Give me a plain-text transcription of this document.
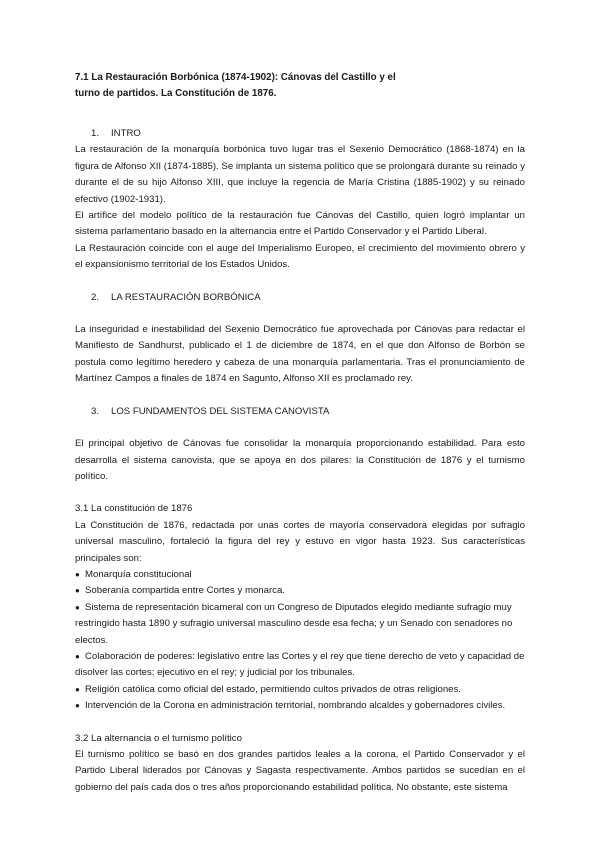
7.1 La Restauración Borbónica (1874-1902): Cánovas del Castillo y el
turno de partidos. La Constitución de 1876.
1. INTRO

La restauración de la monarquía borbónica tuvo lugar tras el Sexenio Democrático (1868-1874) en la figura de Alfonso XII (1874-1885). Se implanta un sistema político que se prolongará durante su reinado y durante el de su hijo Alfonso XIII, que incluye la regencia de María Cristina (1885-1902) y su reinado efectivo (1902-1931).

El artífice del modelo político de la restauración fue Cánovas del Castillo, quien logró implantar un sistema parlamentario basado en la alternancia entre el Partido Conservador y el Partido Liberal.

La Restauración coincide con el auge del Imperialismo Europeo, el crecimiento del movimiento obrero y el expansionismo territorial de los Estados Unidos.

2. LA RESTAURACIÓN BORBÓNICA

La inseguridad e inestabilidad del Sexenio Democrático fue aprovechada por Cánovas para redactar el Manifiesto de Sandhurst, publicado el 1 de diciembre de 1874, en el que don Alfonso de Borbón se postula como legítimo heredero y cabeza de una monarquía parlamentaria. Tras el pronunciamiento de Martínez Campos a finales de 1874 en Sagunto, Alfonso XII es proclamado rey.

3. LOS FUNDAMENTOS DEL SISTEMA CANOVISTA

El principal objetivo de Cánovas fue consolidar la monarquía proporcionando estabilidad. Para esto desarrolla el sistema canovista, que se apoya en dos pilares: la Constitución de 1876 y el turnismo político.

3.1 La constitución de 1876

La Constitución de 1876, redactada por unas cortes de mayoría conservadora elegidas por sufragio universal masculino, fortaleció la figura del rey y estuvo en vigor hasta 1923. Sus características principales son:

● Monarquía constitucional
● Soberanía compartida entre Cortes y monarca.
● Sistema de representación bicameral con un Congreso de Diputados elegido mediante sufragio muy restringido hasta 1890 y sufragio universal masculino desde esa fecha; y un Senado con senadores no electos.
● Colaboración de poderes: legislativo entre las Cortes y el rey que tiene derecho de veto y capacidad de disolver las cortes; ejecutivo en el rey; y judicial por los tribunales.
● Religión católica como oficial del estado, permitiendo cultos privados de otras religiones.
● Intervención de la Corona en administración territorial, nombrando alcaldes y gobernadores civiles.

3.2 La alternancia o el turnismo político

El turnismo político se basó en dos grandes partidos leales a la corona, el Partido Conservador y el Partido Liberal liderados por Cánovas y Sagasta respectivamente. Ambos partidos se sucedían en el gobierno del país cada dos o tres años proporcionando estabilidad política. No obstante, este sistema
